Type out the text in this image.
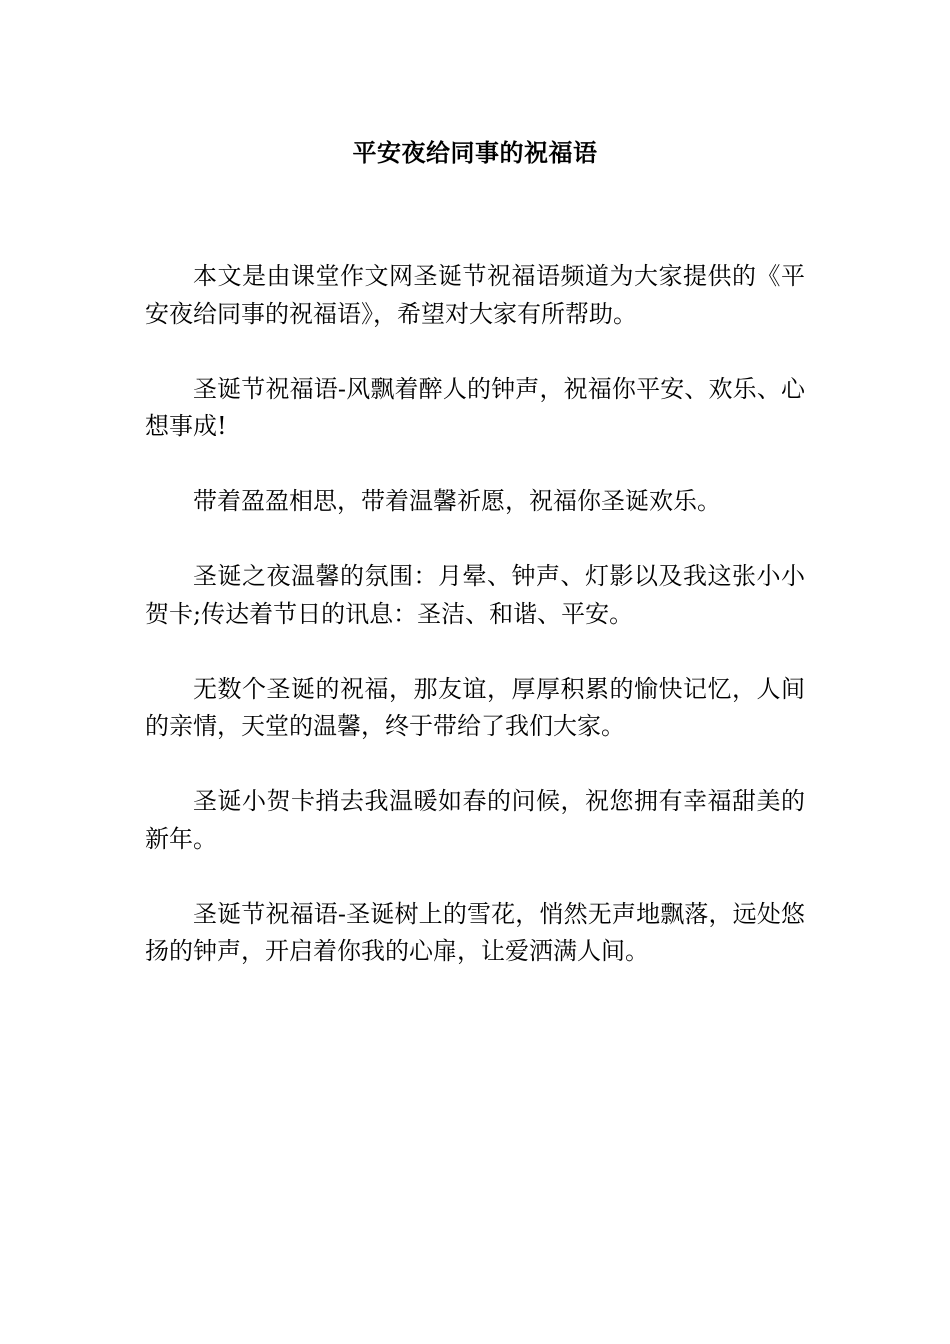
平安夜给同事的祝福语

本文是由课堂作文网圣诞节祝福语频道为大家提供的《平安夜给同事的祝福语》，希望对大家有所帮助。

圣诞节祝福语-风飘着醉人的钟声，祝福你平安、欢乐、心想事成!

带着盈盈相思，带着温馨祈愿，祝福你圣诞欢乐。

圣诞之夜温馨的氛围：月晕、钟声、灯影以及我这张小小贺卡;传达着节日的讯息：圣洁、和谐、平安。

无数个圣诞的祝福，那友谊，厚厚积累的愉快记忆，人间的亲情，天堂的温馨，终于带给了我们大家。

圣诞小贺卡捎去我温暖如春的问候，祝您拥有幸福甜美的新年。

圣诞节祝福语-圣诞树上的雪花，悄然无声地飘落，远处悠扬的钟声，开启着你我的心扉，让爱洒满人间。
